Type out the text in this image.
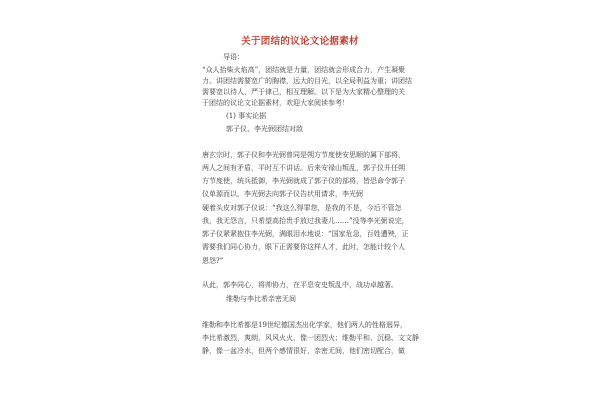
关于团结的议论文论据素材
导语：
“众人拾柴火焰高”，团结就是力量，团结就会形成合力，产生凝聚
力。讲团结需要宽广的胸襟，远大的目光，以全局利益为重；讲团结
需要宽以待人，严于律己，相互理解。以下是为大家精心整理的关
于团结的议论文论据素材，欢迎大家阅读参考！
(1) 事实论据
郭子仪、李光弼团结对敌
唐玄宗时，郭子仪和李光弼曾同是朔方节度使安思顺的属下部将，
两人之间有矛盾，平时互不讲话。后来安禄山叛乱，郭子仪升任朔
方节度使，统兵抵御，李光弼就成了郭子仪的部将，皆恐命令郭子
仪单源而以，李光弼去向郭子仪告状用请求，李光弼
硬着头皮对郭子仪说：“我这么得罪您，是我的不是，今后不管怎
我，我无怨言，只希望高抬贵手放过我妻儿……”没等李光弼说完，
郭子仪紧紧抱住李光弼，满眼泪水地说：“国家危急，百姓遭殃，正
需要我们同心协力，眼下正需要你这样人才，此时，怎能计较个人
恩怨?”
从此，郭李同心，将帅协力，在平息安史叛乱中，战功卓越著。
维勒与李比希亲密无间
维勒和李比希都是19世纪德国杰出化学家，他们两人的性格迥异，
李比希激烈，爽朗，风风火火，像一团烈火；维勒平和、沉稳、文文静
静，像一盆冷水，但两个感情很好，亲密无间，他们密切配合，做
